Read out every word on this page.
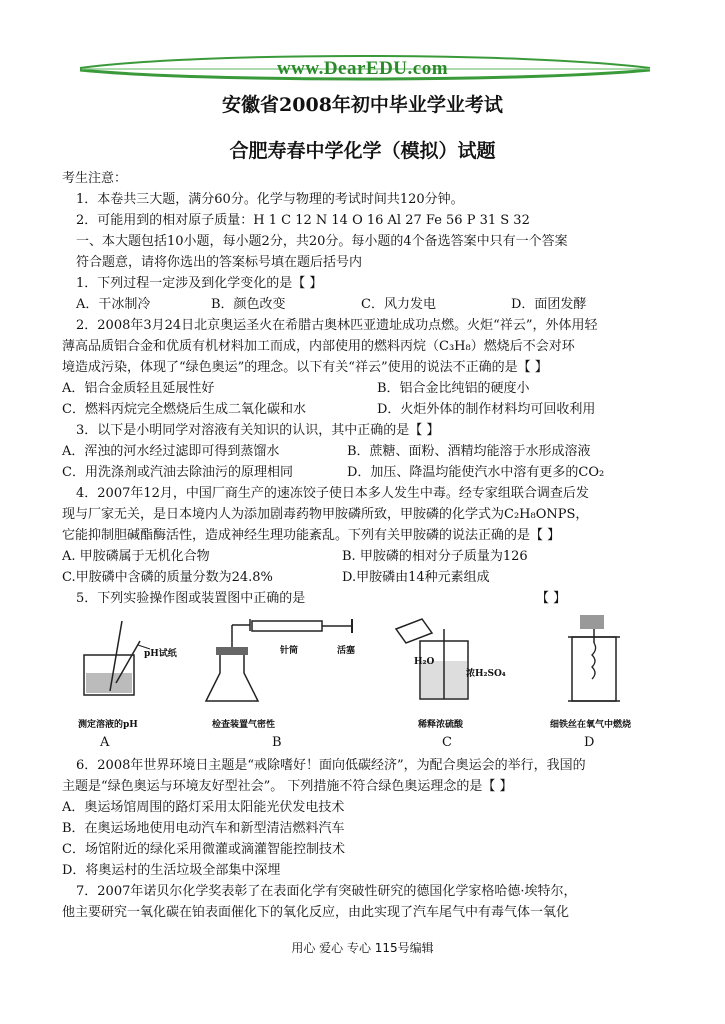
www.DearEDU.com
安徽省2008年初中毕业学业考试
合肥寿春中学化学（模拟）试题
考生注意：
1．本卷共三大题，满分60分。化学与物理的考试时间共120分钟。
2．可能用到的相对原子质量：H 1 C 12 N 14 O 16 Al 27 Fe 56 P 31 S 32
一、本大题包括10小题，每小题2分，共20分。每小题的4个备选答案中只有一个答案
符合题意，请将你选出的答案标号填在题后括号内
1．下列过程一定涉及到化学变化的是【 】
A．干冰制冷	B．颜色改变	C．风力发电	D．面团发酵
2．2008年3月24日北京奥运圣火在希腊古奥林匹亚遗址成功点燃。火炬“祥云”，外体用轻
薄高品质铝合金和优质有机材料加工而成，内部使用的燃料丙烷（C₃H₈）燃烧后不会对环
境造成污染，体现了“绿色奥运”的理念。以下有关“祥云”使用的说法不正确的是【 】
A．铝合金质轻且延展性好	B．铝合金比纯铝的硬度小
C．燃料丙烷完全燃烧后生成二氧化碳和水	D．火炬外体的制作材料均可回收利用
3．以下是小明同学对溶液有关知识的认识，其中正确的是【 】
A．浑浊的河水经过滤即可得到蒸馏水	B．蔗糖、面粉、酒精均能溶于水形成溶液
C．用洗涤剂或汽油去除油污的原理相同	D．加压、降温均能使汽水中溶有更多的CO₂
4．2007年12月，中国厂商生产的速冻饺子使日本多人发生中毒。经专家组联合调查后发
现与厂家无关，是日本境内人为添加剧毒药物甲胺磷所致，甲胺磷的化学式为C₂H₈ONPS，
它能抑制胆碱酯酶活性，造成神经生理功能紊乱。下列有关甲胺磷的说法正确的是【 】
A. 甲胺磷属于无机化合物	B. 甲胺磷的相对分子质量为126
C.甲胺磷中含磷的质量分数为24.8%	D.甲胺磷由14种元素组成
5．下列实验操作图或装置图中正确的是	【 】
pH试纸
测定溶液的pH
针筒	活塞
检查装置气密性
H₂O
浓H₂SO₄
稀释浓硫酸	细铁丝在氧气中燃烧
A	B	C	D
6．2008年世界环境日主题是“戒除嗜好！面向低碳经济”，为配合奥运会的举行，我国的
主题是“绿色奥运与环境友好型社会”。 下列措施不符合绿色奥运理念的是【 】
A．奥运场馆周围的路灯采用太阳能光伏发电技术
B．在奥运场地使用电动汽车和新型清洁燃料汽车
C．场馆附近的绿化采用微灌或滴灌智能控制技术
D．将奥运村的生活垃圾全部集中深埋
7．2007年诺贝尔化学奖表彰了在表面化学有突破性研究的德国化学家格哈德·埃特尔，
他主要研究一氧化碳在铂表面催化下的氧化反应，由此实现了汽车尾气中有毒气体一氧化
用心 爱心 专心 115号编辑
